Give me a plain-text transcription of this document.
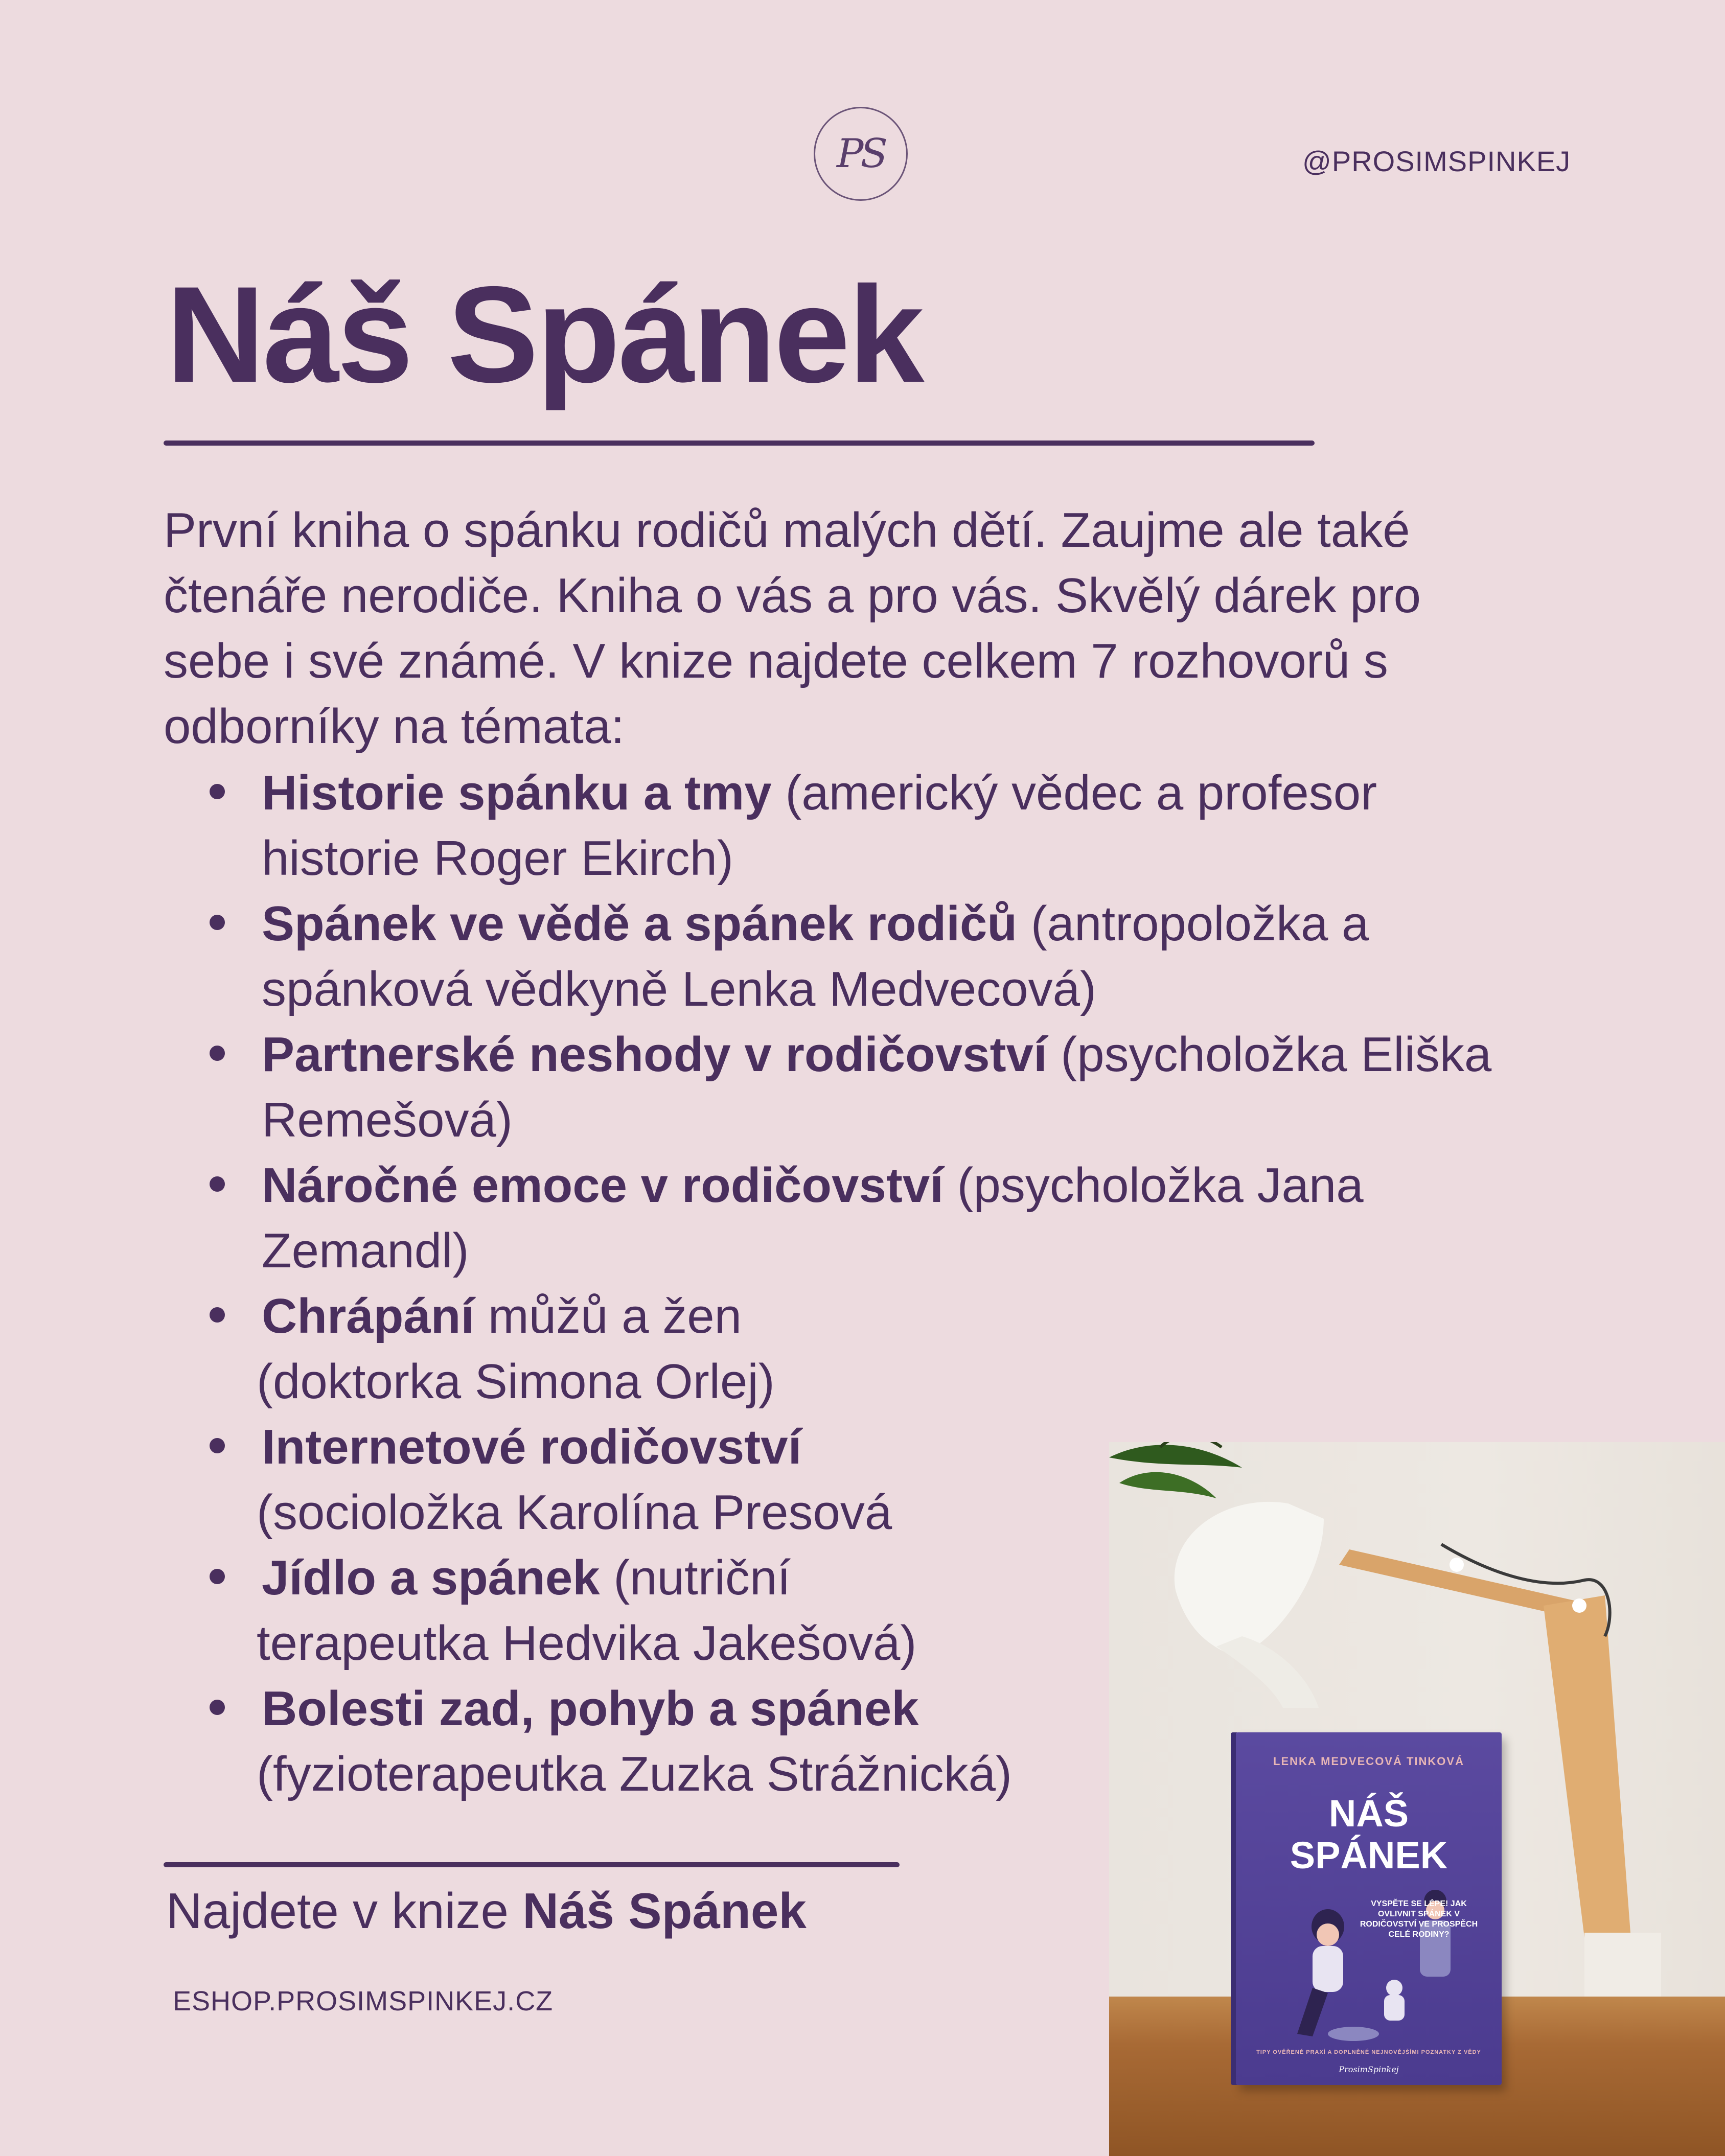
PS	@PROSIMSPINKEJ
Náš Spánek

První kniha o spánku rodičů malých dětí. Zaujme ale také čtenáře nerodiče. Kniha o vás a pro vás. Skvělý dárek pro sebe i své známé. V knize najdete celkem 7 rozhovorů s odborníky na témata:

Historie spánku a tmy (americký vědec a profesor historie Roger Ekirch)
Spánek ve vědě a spánek rodičů (antropoložka a spánková vědkyně Lenka Medvecová)
Partnerské neshody v rodičovství (psycholožka Eliška Remešová)
Náročné emoce v rodičovství (psycholožka Jana Zemandl)
Chrápání můžů a žen
(doktorka Simona Orlej)
Internetové rodičovství
(socioložka Karolína Presová
Jídlo a spánek (nutriční
terapeutka Hedvika Jakešová)
Bolesti zad, pohyb a spánek
(fyzioterapeutka Zuzka Strážnická)

Najdete v knize Náš Spánek

ESHOP.PROSIMSPINKEJ.CZ
LENKA MEDVECOVÁ TINKOVÁ
NÁŠ
SPÁNEK
VYSPĚTE SE LÉPE! JAK OVLIVNIT SPÁNEK V RODIČOVSTVÍ VE PROSPĚCH CELÉ RODINY?
TIPY OVĚŘENÉ PRAXÍ A DOPLNĚNÉ NEJNOVĚJŠÍMI POZNATKY Z VĚDY
ProsimSpinkej
